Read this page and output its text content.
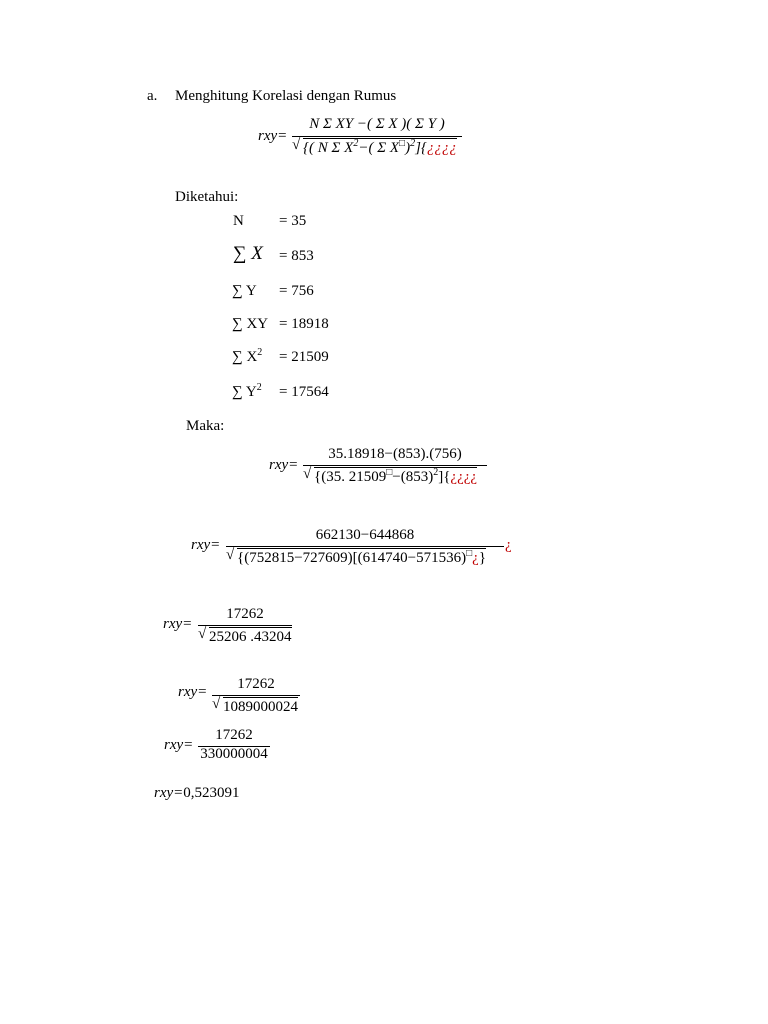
a. Menghitung Korelasi dengan Rumus
rxy=
N Σ XY −( Σ X )( Σ Y )
√ {( N Σ $X^2-$( Σ X□)$^2$]{¿¿¿¿
Diketahui:
N = 35
∑ X = 853
∑ Y = 756
∑ XY = 18918
∑ $X^2 = 21509$
∑ $Y^2 = 17564$
Maka:
rxy=
35.18918−(853).(756)
√ {(35. $21509^□-(853)^2]\{¿¿¿¿$
rxy=
662130−644868
√ {(752815−727609)[(614740−571536)□¿}
¿
rxy=
17262
√ 25206 .43204
rxy=	17262
√ 1089000024
rxy=
17262
330000004
rxy=0,523091
